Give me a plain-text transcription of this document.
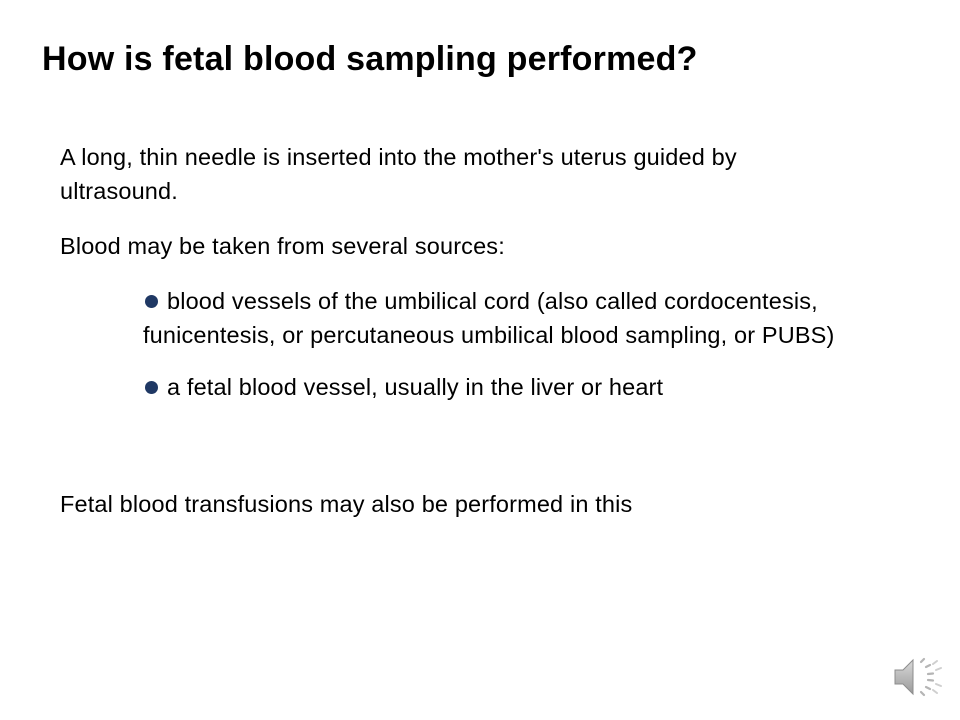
How is fetal blood sampling performed?

A long, thin needle is inserted into the mother's uterus guided by ultrasound.

Blood may be taken from several sources:

blood vessels of the umbilical cord (also called cordocentesis, funicentesis, or percutaneous umbilical blood sampling, or PUBS)
a fetal blood vessel, usually in the liver or heart

Fetal blood transfusions may also be performed in this
